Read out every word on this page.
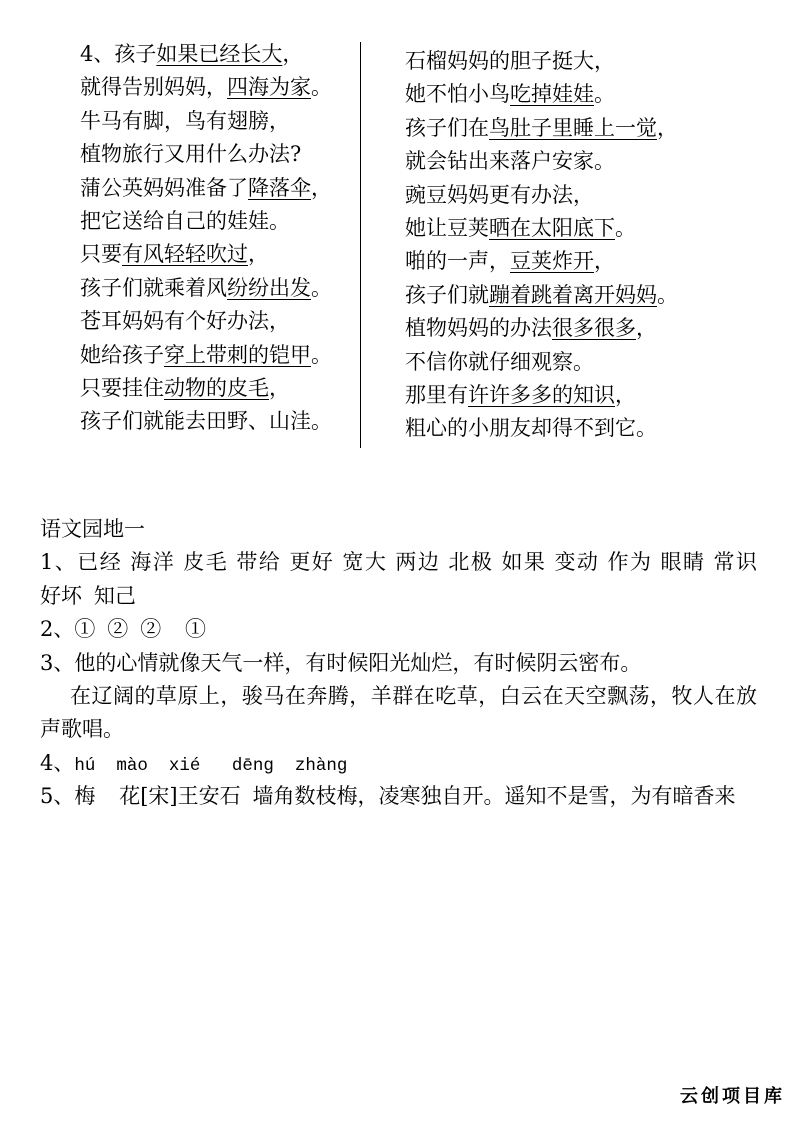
4、孩子如果已经长大，
就得告别妈妈，四海为家。
牛马有脚，鸟有翅膀，
植物旅行又用什么办法?
蒲公英妈妈准备了降落伞，
把它送给自己的娃娃。
只要有风轻轻吹过，
孩子们就乘着风纷纷出发。
苍耳妈妈有个好办法，
她给孩子穿上带刺的铠甲。
只要挂住动物的皮毛，
孩子们就能去田野、山洼。
石榴妈妈的胆子挺大，
她不怕小鸟吃掉娃娃。
孩子们在鸟肚子里睡上一觉，
就会钻出来落户安家。
豌豆妈妈更有办法，
她让豆荚晒在太阳底下。
啪的一声，豆荚炸开，
孩子们就蹦着跳着离开妈妈。
植物妈妈的办法很多很多，
不信你就仔细观察。
那里有许许多多的知识，
粗心的小朋友却得不到它。
语文园地一
1、已经 海洋 皮毛 带给 更好 宽大 两边 北极 如果 变动 作为 眼睛 常识
好坏 知己
2、① ② ②  ①
3、他的心情就像天气一样，有时候阳光灿烂，有时候阴云密布。
在辽阔的草原上，骏马在奔腾，羊群在吃草，白云在天空飘荡，牧人在放
声歌唱。
4、hú  mào  xié   dēng  zhàng
5、梅  花[宋]王安石 墙角数枝梅，凌寒独自开。遥知不是雪，为有暗香来
云创项目库
